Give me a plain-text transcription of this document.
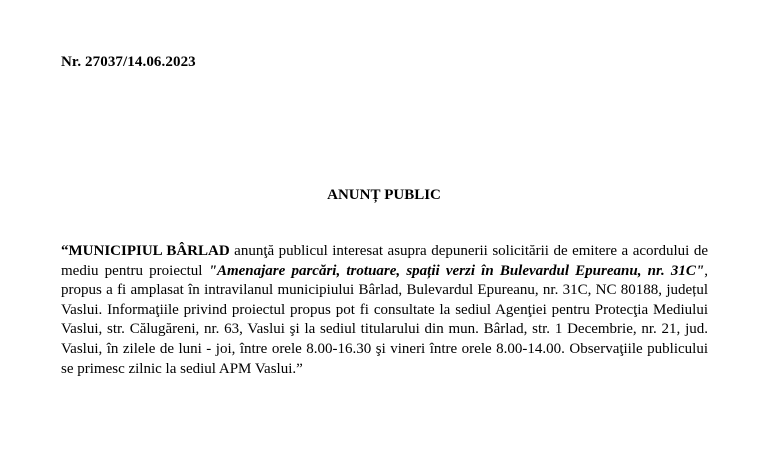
Nr. 27037/14.06.2023
ANUNȚ PUBLIC

“MUNICIPIUL BÂRLAD anunţă publicul interesat asupra depunerii solicitării de emitere a acordului de mediu pentru proiectul "Amenajare parcări, trotuare, spații verzi în Bulevardul Epureanu, nr. 31C", propus a fi amplasat în intravilanul municipiului Bârlad, Bulevardul Epureanu, nr. 31C, NC 80188, județul Vaslui. Informaţiile privind proiectul propus pot fi consultate la sediul Agenţiei pentru Protecţia Mediului Vaslui, str. Călugăreni, nr. 63, Vaslui şi la sediul titularului din mun. Bârlad, str. 1 Decembrie, nr. 21, jud. Vaslui, în zilele de luni - joi, între orele 8.00-16.30 şi vineri între orele 8.00-14.00. Observaţiile publicului se primesc zilnic la sediul APM Vaslui.”
